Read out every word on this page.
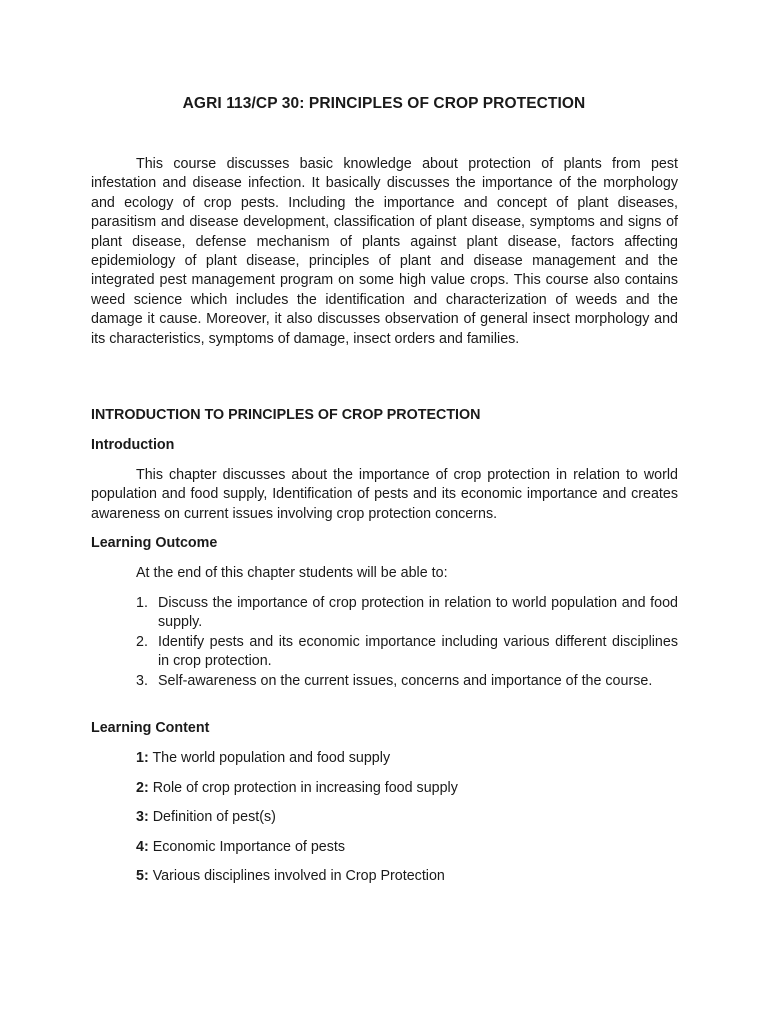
AGRI 113/CP 30: PRINCIPLES OF CROP PROTECTION

This course discusses basic knowledge about protection of plants from pest infestation and disease infection. It basically discusses the importance of the morphology and ecology of crop pests. Including the importance and concept of plant diseases, parasitism and disease development, classification of plant disease, symptoms and signs of plant disease, defense mechanism of plants against plant disease, factors affecting epidemiology of plant disease, principles of plant and disease management and the integrated pest management program on some high value crops. This course also contains weed science which includes the identification and characterization of weeds and the damage it cause. Moreover, it also discusses observation of general insect morphology and its characteristics, symptoms of damage, insect orders and families.

INTRODUCTION TO PRINCIPLES OF CROP PROTECTION
Introduction

This chapter discusses about the importance of crop protection in relation to world population and food supply, Identification of pests and its economic importance and creates awareness on current issues involving crop protection concerns.

Learning Outcome

At the end of this chapter students will be able to:

1. Discuss the importance of crop protection in relation to world population and food supply.
2. Identify pests and its economic importance including various different disciplines in crop protection.
3. Self-awareness on the current issues, concerns and importance of the course.
Learning Content
1: The world population and food supply
2: Role of crop protection in increasing food supply
3: Definition of pest(s)
4: Economic Importance of pests
5: Various disciplines involved in Crop Protection
